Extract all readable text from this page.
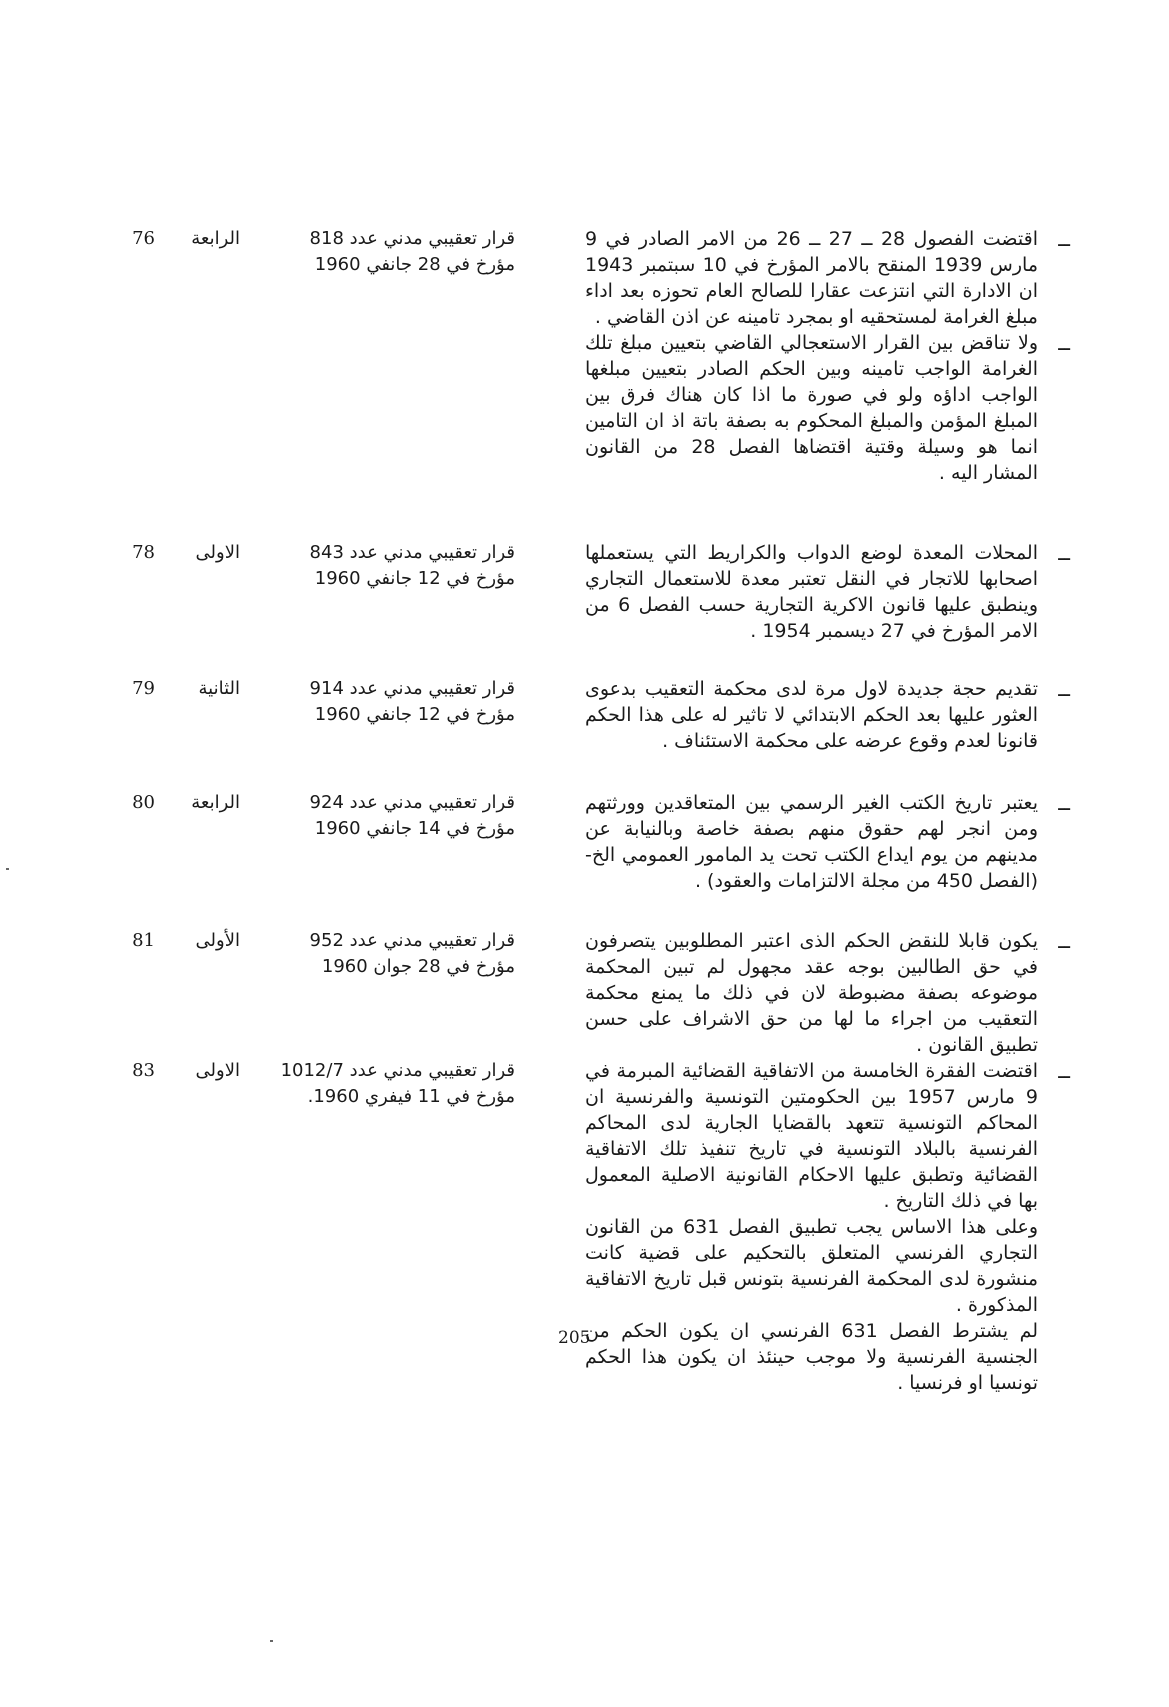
ــ
اقتضت الفصول 28 ــ 27 ــ 26 من الامر الصادر في 9 مارس 1939 المنقح بالامر المؤرخ في 10 سبتمبر 1943 ان الادارة التي انتزعت عقارا للصالح العام تحوزه بعد اداء مبلغ الغرامة لمستحقيه او بمجرد تامينه عن اذن القاضي .

ــ
ولا تناقض بين القرار الاستعجالي القاضي بتعيين مبلغ تلك الغرامة الواجب تامينه وبين الحكم الصادر بتعيين مبلغها الواجب اداؤه ولو في صورة ما اذا كان هناك فرق بين المبلغ المؤمن والمبلغ المحكوم به بصفة باتة اذ ان التامين انما هو وسيلة وقتية اقتضاها الفصل 28 من القانون المشار اليه .

قرار تعقيبي مدني عدد 818
مؤرخ في 28 جانفي 1960
الرابعة
76

ــ
المحلات المعدة لوضع الدواب والكراريط التي يستعملها اصحابها للاتجار في النقل تعتبر معدة للاستعمال التجاري وينطبق عليها قانون الاكرية التجارية حسب الفصل 6 من الامر المؤرخ في 27 ديسمبر 1954 .

قرار تعقيبي مدني عدد 843
مؤرخ في 12 جانفي 1960
الاولى
78

ــ
تقديم حجة جديدة لاول مرة لدى محكمة التعقيب بدعوى العثور عليها بعد الحكم الابتدائي لا تاثير له على هذا الحكم قانونا لعدم وقوع عرضه على محكمة الاستئناف .

قرار تعقيبي مدني عدد 914
مؤرخ في 12 جانفي 1960
الثانية
79

ــ
يعتبر تاريخ الكتب الغير الرسمي بين المتعاقدين وورثتهم ومن انجر لهم حقوق منهم بصفة خاصة وبالنيابة عن مدينهم من يوم ايداع الكتب تحت يد المامور العمومي الخ- (الفصل 450 من مجلة الالتزامات والعقود) .

قرار تعقيبي مدني عدد 924
مؤرخ في 14 جانفي 1960
الرابعة
80

ــ
يكون قابلا للنقض الحكم الذى اعتبر المطلوبين يتصرفون في حق الطالبين بوجه عقد مجهول لم تبين المحكمة موضوعه بصفة مضبوطة لان في ذلك ما يمنع محكمة التعقيب من اجراء ما لها من حق الاشراف على حسن تطبيق القانون .

قرار تعقيبي مدني عدد 952
مؤرخ في 28 جوان 1960
الأولى
81

ــ
اقتضت الفقرة الخامسة من الاتفاقية القضائية المبرمة في 9 مارس 1957 بين الحكومتين التونسية والفرنسية ان المحاكم التونسية تتعهد بالقضايا الجارية لدى المحاكم الفرنسية بالبلاد التونسية في تاريخ تنفيذ تلك الاتفاقية القضائية وتطبق عليها الاحكام القانونية الاصلية المعمول بها في ذلك التاريخ .

وعلى هذا الاساس يجب تطبيق الفصل 631 من القانون التجاري الفرنسي المتعلق بالتحكيم على قضية كانت منشورة لدى المحكمة الفرنسية بتونس قبل تاريخ الاتفاقية المذكورة .

لم يشترط الفصل 631 الفرنسي ان يكون الحكم من الجنسية الفرنسية ولا موجب حينئذ ان يكون هذا الحكم تونسيا او فرنسيا .

قرار تعقيبي مدني عدد 1012/7
مؤرخ في 11 فيفري 1960.
الاولى
83
205
